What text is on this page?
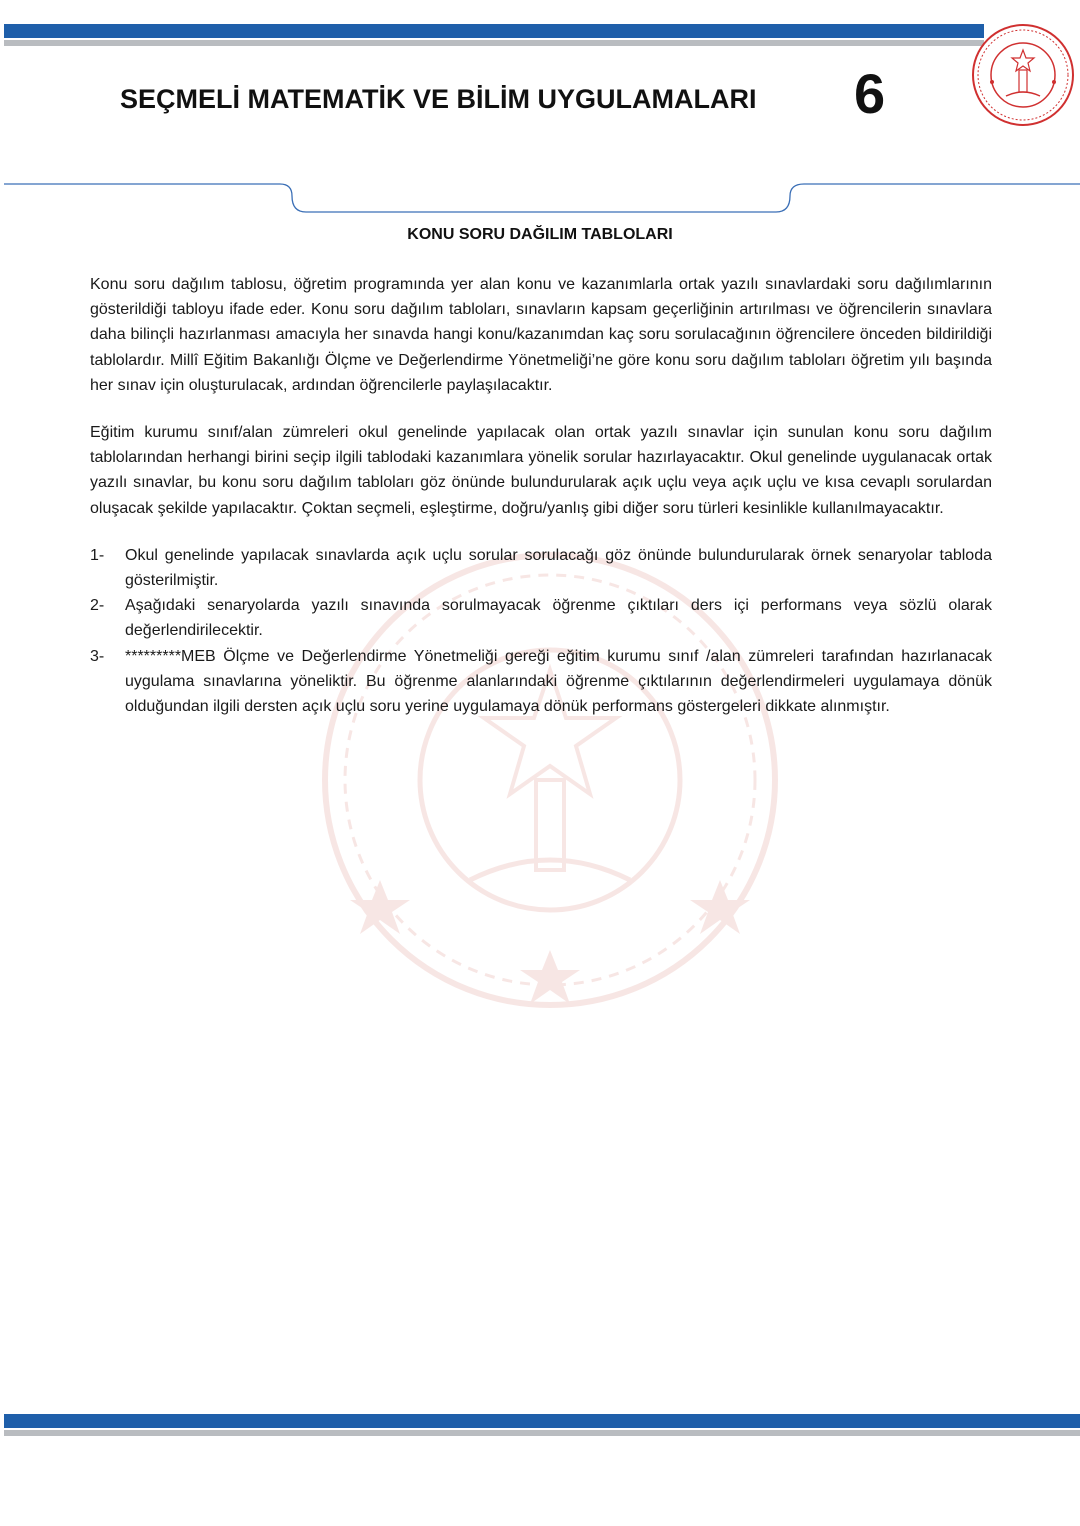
SEÇMELİ MATEMATİK VE BİLİM UYGULAMALARI 6
KONU SORU DAĞILIM TABLOLARI

Konu soru dağılım tablosu, öğretim programında yer alan konu ve kazanımlarla ortak yazılı sınavlardaki soru dağılımlarının gösterildiği tabloyu ifade eder. Konu soru dağılım tabloları, sınavların kapsam geçerliğinin artırılması ve öğrencilerin sınavlara daha bilinçli hazırlanması amacıyla her sınavda hangi konu/kazanımdan kaç soru sorulacağının öğrencilere önceden bildirildiği tablolardır. Millî Eğitim Bakanlığı Ölçme ve Değerlendirme Yönetmeliği’ne göre konu soru dağılım tabloları öğretim yılı başında her sınav için oluşturulacak, ardından öğrencilerle paylaşılacaktır.

Eğitim kurumu sınıf/alan zümreleri okul genelinde yapılacak olan ortak yazılı sınavlar için sunulan konu soru dağılım tablolarından herhangi birini seçip ilgili tablodaki kazanımlara yönelik sorular hazırlayacaktır. Okul genelinde uygulanacak ortak yazılı sınavlar, bu konu soru dağılım tabloları göz önünde bulundurularak açık uçlu veya açık uçlu ve kısa cevaplı sorulardan oluşacak şekilde yapılacaktır. Çoktan seçmeli, eşleştirme, doğru/yanlış gibi diğer soru türleri kesinlikle kullanılmayacaktır.

1-	Okul genelinde yapılacak sınavlarda açık uçlu sorular sorulacağı göz önünde bulundurularak örnek senaryolar tabloda gösterilmiştir.
2-	Aşağıdaki senaryolarda yazılı sınavında sorulmayacak öğrenme çıktıları ders içi performans veya sözlü olarak değerlendirilecektir.
3-	*********MEB Ölçme ve Değerlendirme Yönetmeliği gereği eğitim kurumu sınıf /alan zümreleri tarafından hazırlanacak uygulama sınavlarına yöneliktir. Bu öğrenme alanlarındaki öğrenme çıktılarının değerlendirmeleri uygulamaya dönük olduğundan ilgili dersten açık uçlu soru yerine uygulamaya dönük performans göstergeleri dikkate alınmıştır.
